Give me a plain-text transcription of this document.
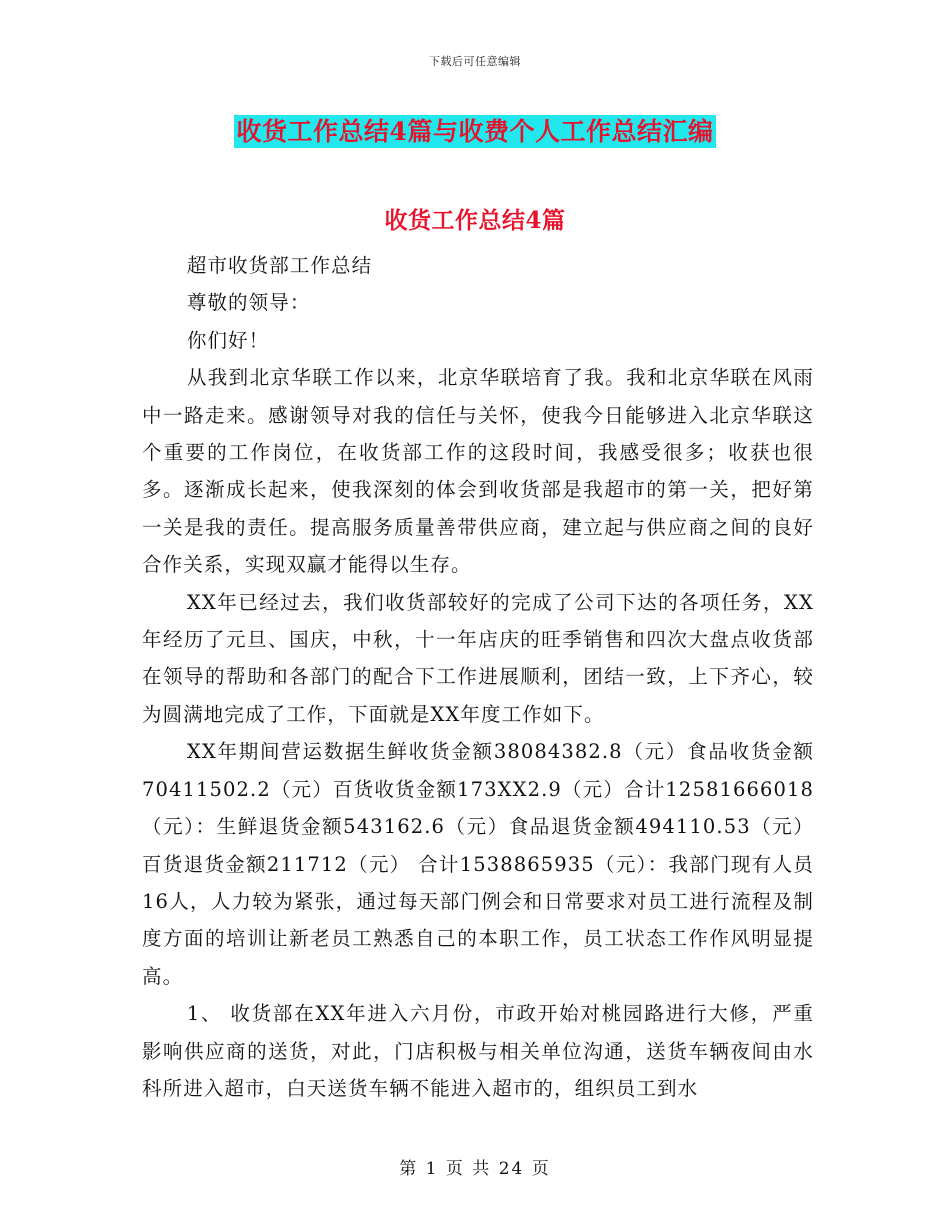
下载后可任意编辑
收货工作总结4篇与收费个人工作总结汇编
收货工作总结4篇

超市收货部工作总结

尊敬的领导：

你们好！

从我到北京华联工作以来，北京华联培育了我。我和北京华联在风雨中一路走来。感谢领导对我的信任与关怀，使我今日能够进入北京华联这个重要的工作岗位，在收货部工作的这段时间，我感受很多；收获也很多。逐渐成长起来，使我深刻的体会到收货部是我超市的第一关，把好第一关是我的责任。提高服务质量善带供应商，建立起与供应商之间的良好合作关系，实现双赢才能得以生存。

XX年已经过去，我们收货部较好的完成了公司下达的各项任务，XX年经历了元旦、国庆，中秋，十一年店庆的旺季销售和四次大盘点收货部在领导的帮助和各部门的配合下工作进展顺利，团结一致，上下齐心，较为圆满地完成了工作，下面就是XX年度工作如下。

XX年期间营运数据生鲜收货金额38084382.8（元）食品收货金额70411502.2（元）百货收货金额173XX2.9（元）合计12581666018（元）：生鲜退货金额543162.6（元）食品退货金额494110.53（元） 百货退货金额211712（元） 合计1538865935（元）：我部门现有人员16人，人力较为紧张，通过每天部门例会和日常要求对员工进行流程及制度方面的培训让新老员工熟悉自己的本职工作，员工状态工作作风明显提高。

1、 收货部在XX年进入六月份，市政开始对桃园路进行大修，严重影响供应商的送货，对此，门店积极与相关单位沟通，送货车辆夜间由水科所进入超市，白天送货车辆不能进入超市的，组织员工到水

第 1 页 共 24 页
